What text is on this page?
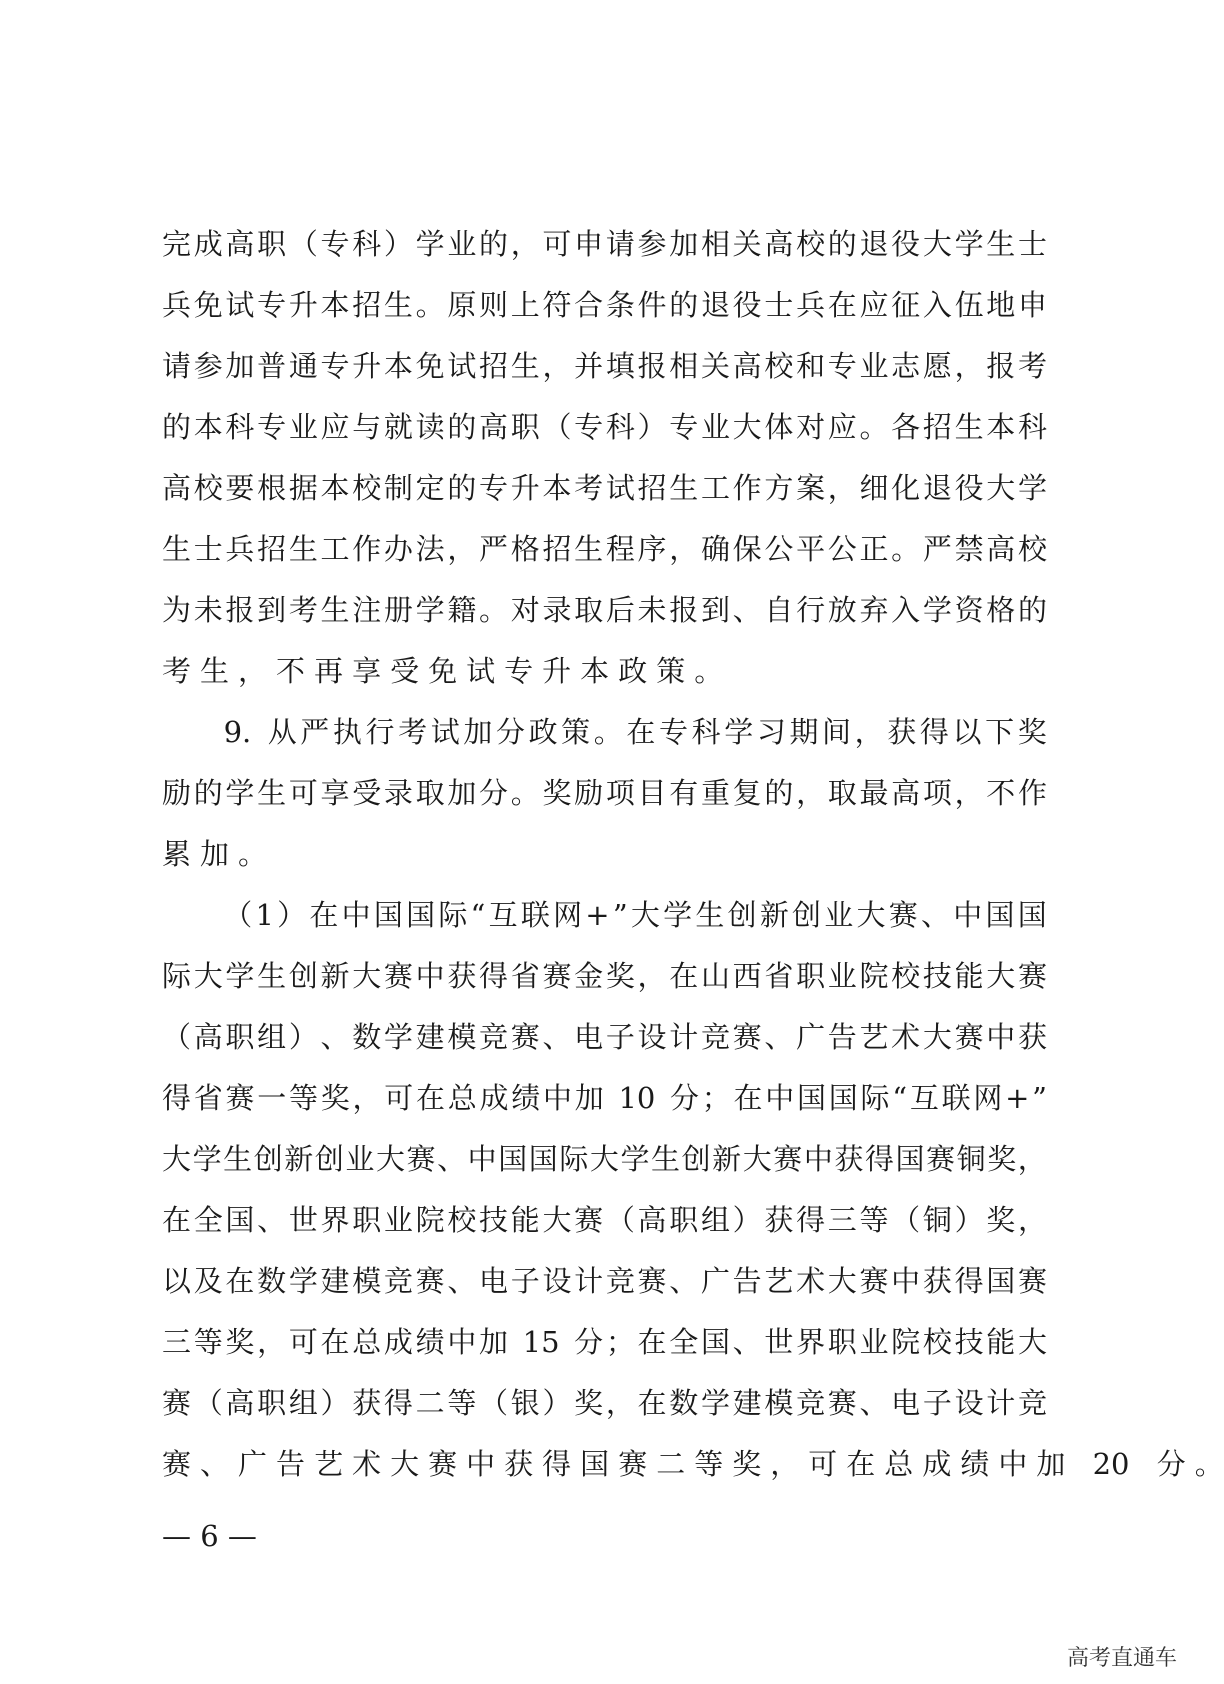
完 成 高 职 （ 专 科 ） 学 业 的 ， 可 申 请 参 加 相 关 高 校 的 退 役 大 学 生 士
兵 免 试 专 升 本 招 生 。 原 则 上 符 合 条 件 的 退 役 士 兵 在 应 征 入 伍 地 申
请 参 加 普 通 专 升 本 免 试 招 生 ， 并 填 报 相 关 高 校 和 专 业 志 愿 ， 报 考
的 本 科 专 业 应 与 就 读 的 高 职 （ 专 科 ） 专 业 大 体 对 应 。 各 招 生 本 科
高 校 要 根 据 本 校 制 定 的 专 升 本 考 试 招 生 工 作 方 案 ， 细 化 退 役 大 学
生 士 兵 招 生 工 作 办 法 ， 严 格 招 生 程 序 ， 确 保 公 平 公 正 。 严 禁 高 校
为 未 报 到 考 生 注 册 学 籍 。 对 录 取 后 未 报 到 、 自 行 放 弃 入 学 资 格 的
考 生 ， 不 再 享 受 免 试 专 升 本 政 策 。

9.
从 严 执 行 考 试 加 分 政 策 。 在 专 科 学 习 期 间 ， 获 得 以 下 奖
励 的 学 生 可 享 受 录 取 加 分 。 奖 励 项 目 有 重 复 的 ， 取 最 高 项 ， 不 作
累 加 。

（ 1 ） 在 中 国 国 际 “ 互 联 网 + ” 大 学 生 创 新 创 业 大 赛 、 中 国 国
际 大 学 生 创 新 大 赛 中 获 得 省 赛 金 奖 ， 在 山 西 省 职 业 院 校 技 能 大 赛
（ 高 职 组 ） 、 数 学 建 模 竞 赛 、 电 子 设 计 竞 赛 、 广 告 艺 术 大 赛 中 获
得 省 赛 一 等 奖 ， 可 在 总 成 绩 中 加
10
分 ； 在 中 国 国 际 “ 互 联 网 + ”
大 学 生 创 新 创 业 大 赛 、 中 国 国 际 大 学 生 创 新 大 赛 中 获 得 国 赛 铜 奖 ，
在 全 国 、 世 界 职 业 院 校 技 能 大 赛 （ 高 职 组 ） 获 得 三 等 （ 铜 ） 奖 ，
以 及 在 数 学 建 模 竞 赛 、 电 子 设 计 竞 赛 、 广 告 艺 术 大 赛 中 获 得 国 赛
三 等 奖 ， 可 在 总 成 绩 中 加
15
分 ； 在 全 国 、 世 界 职 业 院 校 技 能 大
赛 （ 高 职 组 ） 获 得 二 等 （ 银 ） 奖 ， 在 数 学 建 模 竞 赛 、 电 子 设 计 竞
赛 、 广 告 艺 术 大 赛 中 获 得 国 赛 二 等 奖 ， 可 在 总 成 绩 中 加
20
分 。
— 6 —
高考直通车
